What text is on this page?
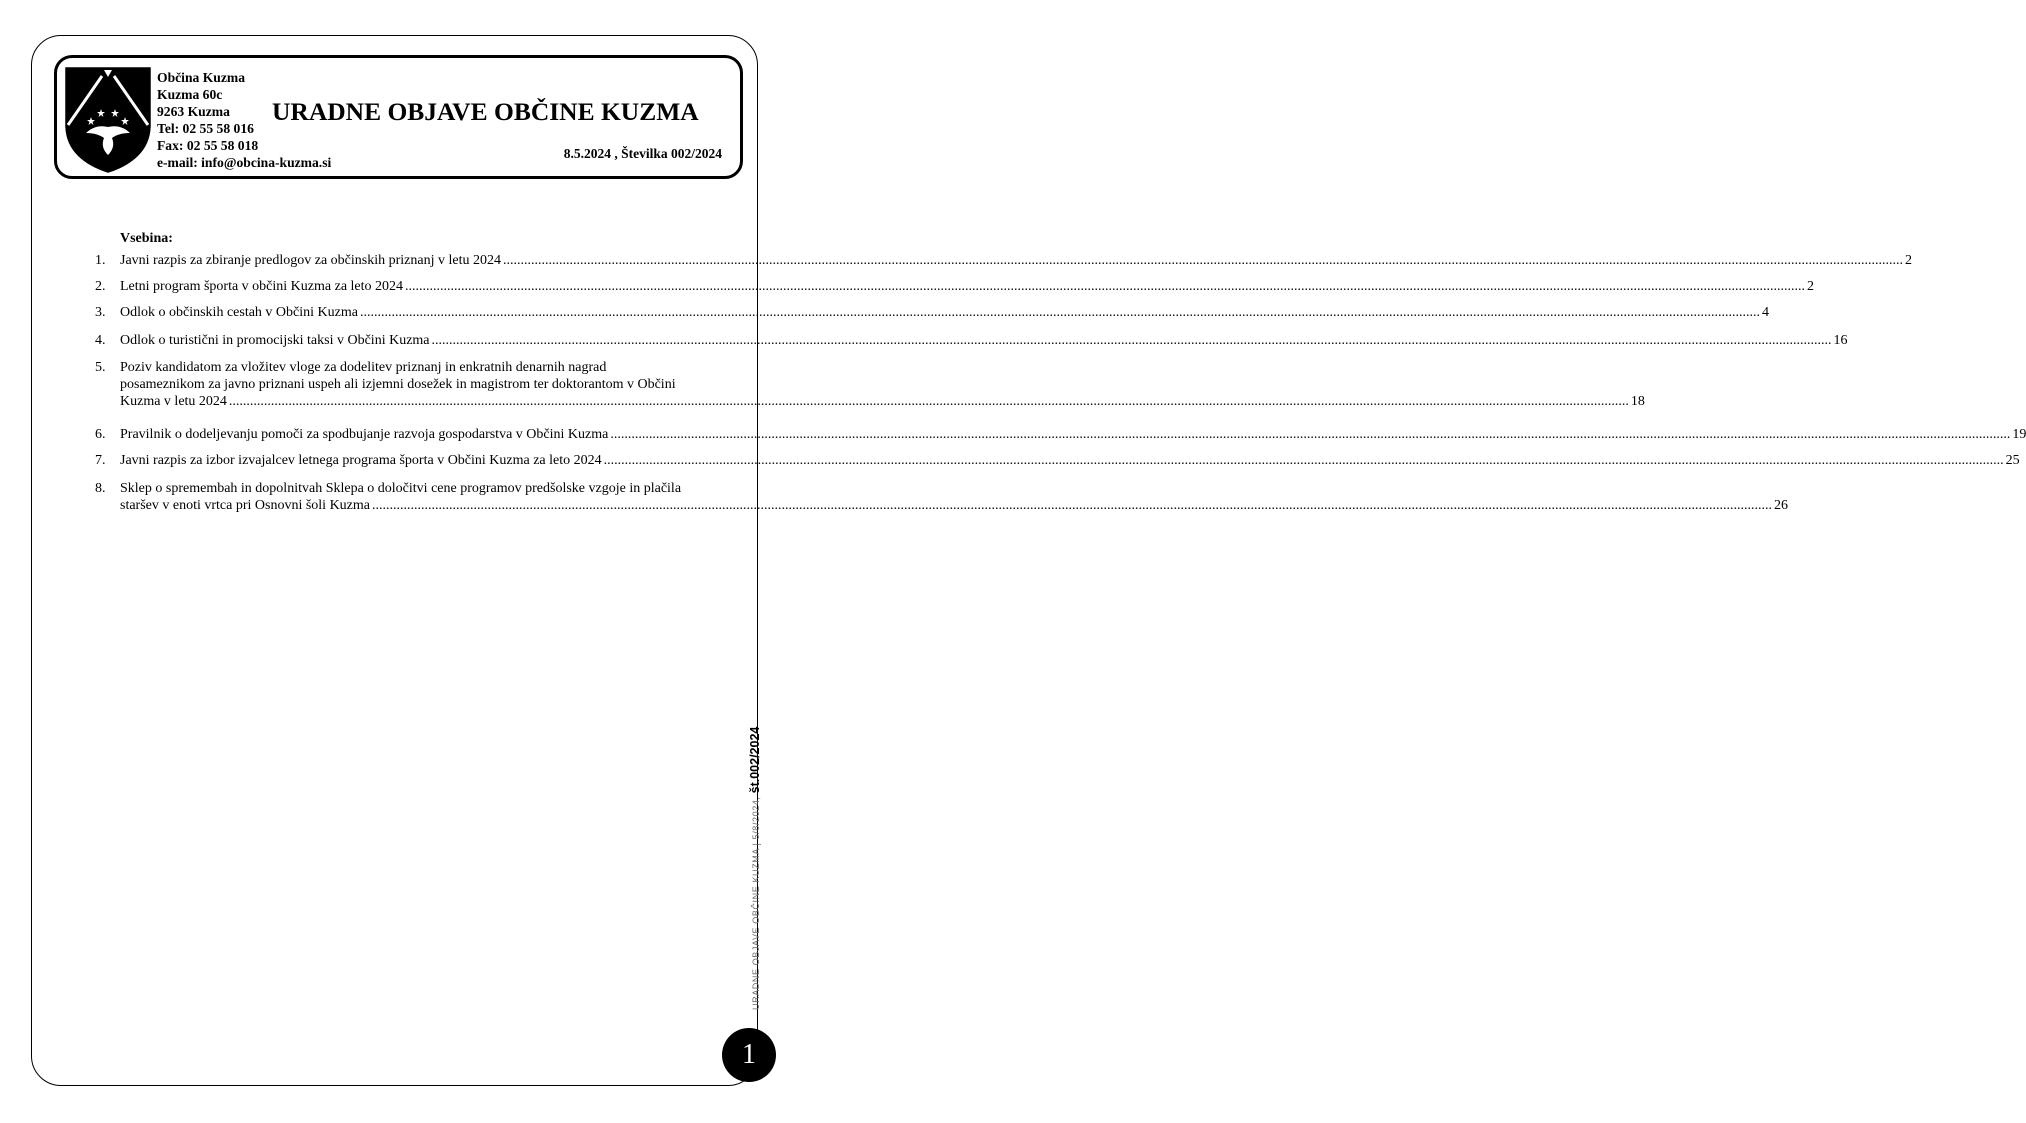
Občina Kuzma
Kuzma 60c
9263 Kuzma
Tel: 02 55 58 016
Fax: 02 55 58 018
e-mail: info@obcina-kuzma.si
URADNE OBJAVE OBČINE KUZMA
8.5.2024 , Številka 002/2024
Vsebina:
1. Javni razpis za zbiranje predlogov za občinskih priznanj v letu 2024 ................................................................................................................................................................................................................................................................................................................................................................................................................ 2
2. Letni program športa v občini Kuzma za leto 2024 ................................................................................................................................................................................................................................................................................................................................................................................................................ 2
3. Odlok o občinskih cestah v Občini Kuzma ................................................................................................................................................................................................................................................................................................................................................................................................................ 4
4. Odlok o turistični in promocijski taksi v Občini Kuzma ................................................................................................................................................................................................................................................................................................................................................................................................................ 16
5. Poziv kandidatom za vložitev vloge za dodelitev priznanj in enkratnih denarnih nagrad
posameznikom za javno priznani uspeh ali izjemni dosežek in magistrom ter doktorantom v Občini
Kuzma v letu 2024 ................................................................................................................................................................................................................................................................................................................................................................................................................ 18
6. Pravilnik o dodeljevanju pomoči za spodbujanje razvoja gospodarstva v Občini Kuzma ................................................................................................................................................................................................................................................................................................................................................................................................................ 19
7. Javni razpis za izbor izvajalcev letnega programa športa v Občini Kuzma za leto 2024 ................................................................................................................................................................................................................................................................................................................................................................................................................ 25
8. Sklep o spremembah in dopolnitvah Sklepa o določitvi cene programov predšolske vzgoje in plačila
staršev v enoti vrtca pri Osnovni šoli Kuzma ................................................................................................................................................................................................................................................................................................................................................................................................................ 26
URADNE OBJAVE OBČINE KUZMA | 5/8/2024, št.002/2024
1
